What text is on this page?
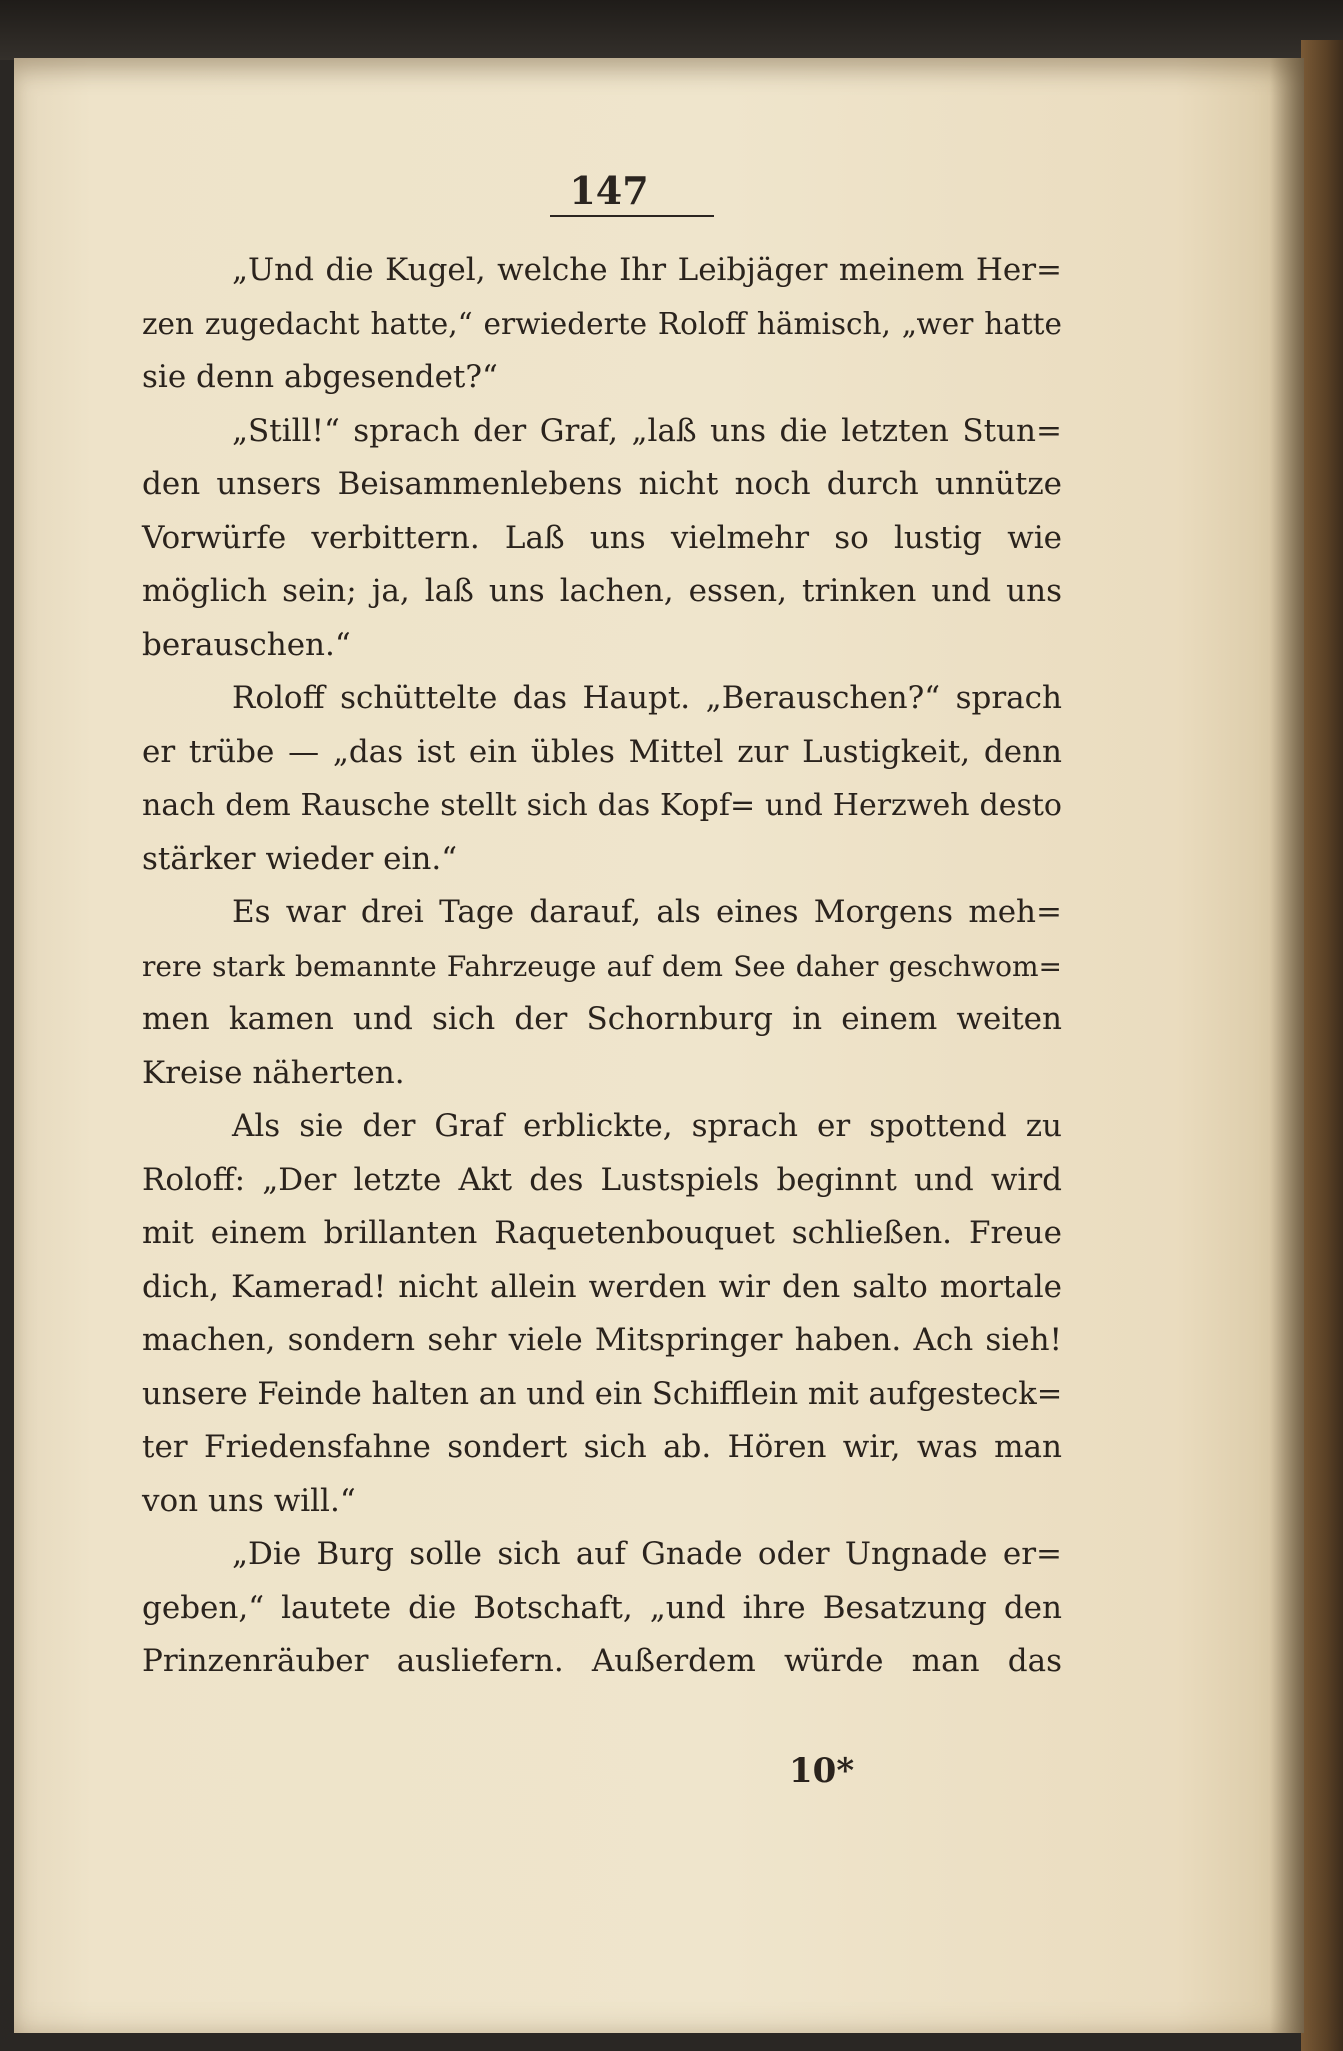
147
„Und die Kugel, welche Ihr Leibjäger meinem Her=
zen zugedacht hatte,“ erwiederte Roloff hämisch, „wer hatte
sie denn abgesendet?“
„Still!“ sprach der Graf, „laß uns die letzten Stun=
den unsers Beisammenlebens nicht noch durch unnütze
Vorwürfe verbittern. Laß uns vielmehr so lustig wie
möglich sein; ja, laß uns lachen, essen, trinken und uns
berauschen.“
Roloff schüttelte das Haupt. „Berauschen?“ sprach
er trübe — „das ist ein übles Mittel zur Lustigkeit, denn
nach dem Rausche stellt sich das Kopf= und Herzweh desto
stärker wieder ein.“
Es war drei Tage darauf, als eines Morgens meh=
rere stark bemannte Fahrzeuge auf dem See daher geschwom=
men kamen und sich der Schornburg in einem weiten
Kreise näherten.
Als sie der Graf erblickte, sprach er spottend zu
Roloff: „Der letzte Akt des Lustspiels beginnt und wird
mit einem brillanten Raquetenbouquet schließen. Freue
dich, Kamerad! nicht allein werden wir den salto mortale
machen, sondern sehr viele Mitspringer haben. Ach sieh!
unsere Feinde halten an und ein Schifflein mit aufgesteck=
ter Friedensfahne sondert sich ab. Hören wir, was man
von uns will.“
„Die Burg solle sich auf Gnade oder Ungnade er=
geben,“ lautete die Botschaft, „und ihre Besatzung den
Prinzenräuber ausliefern. Außerdem würde man das
10*
